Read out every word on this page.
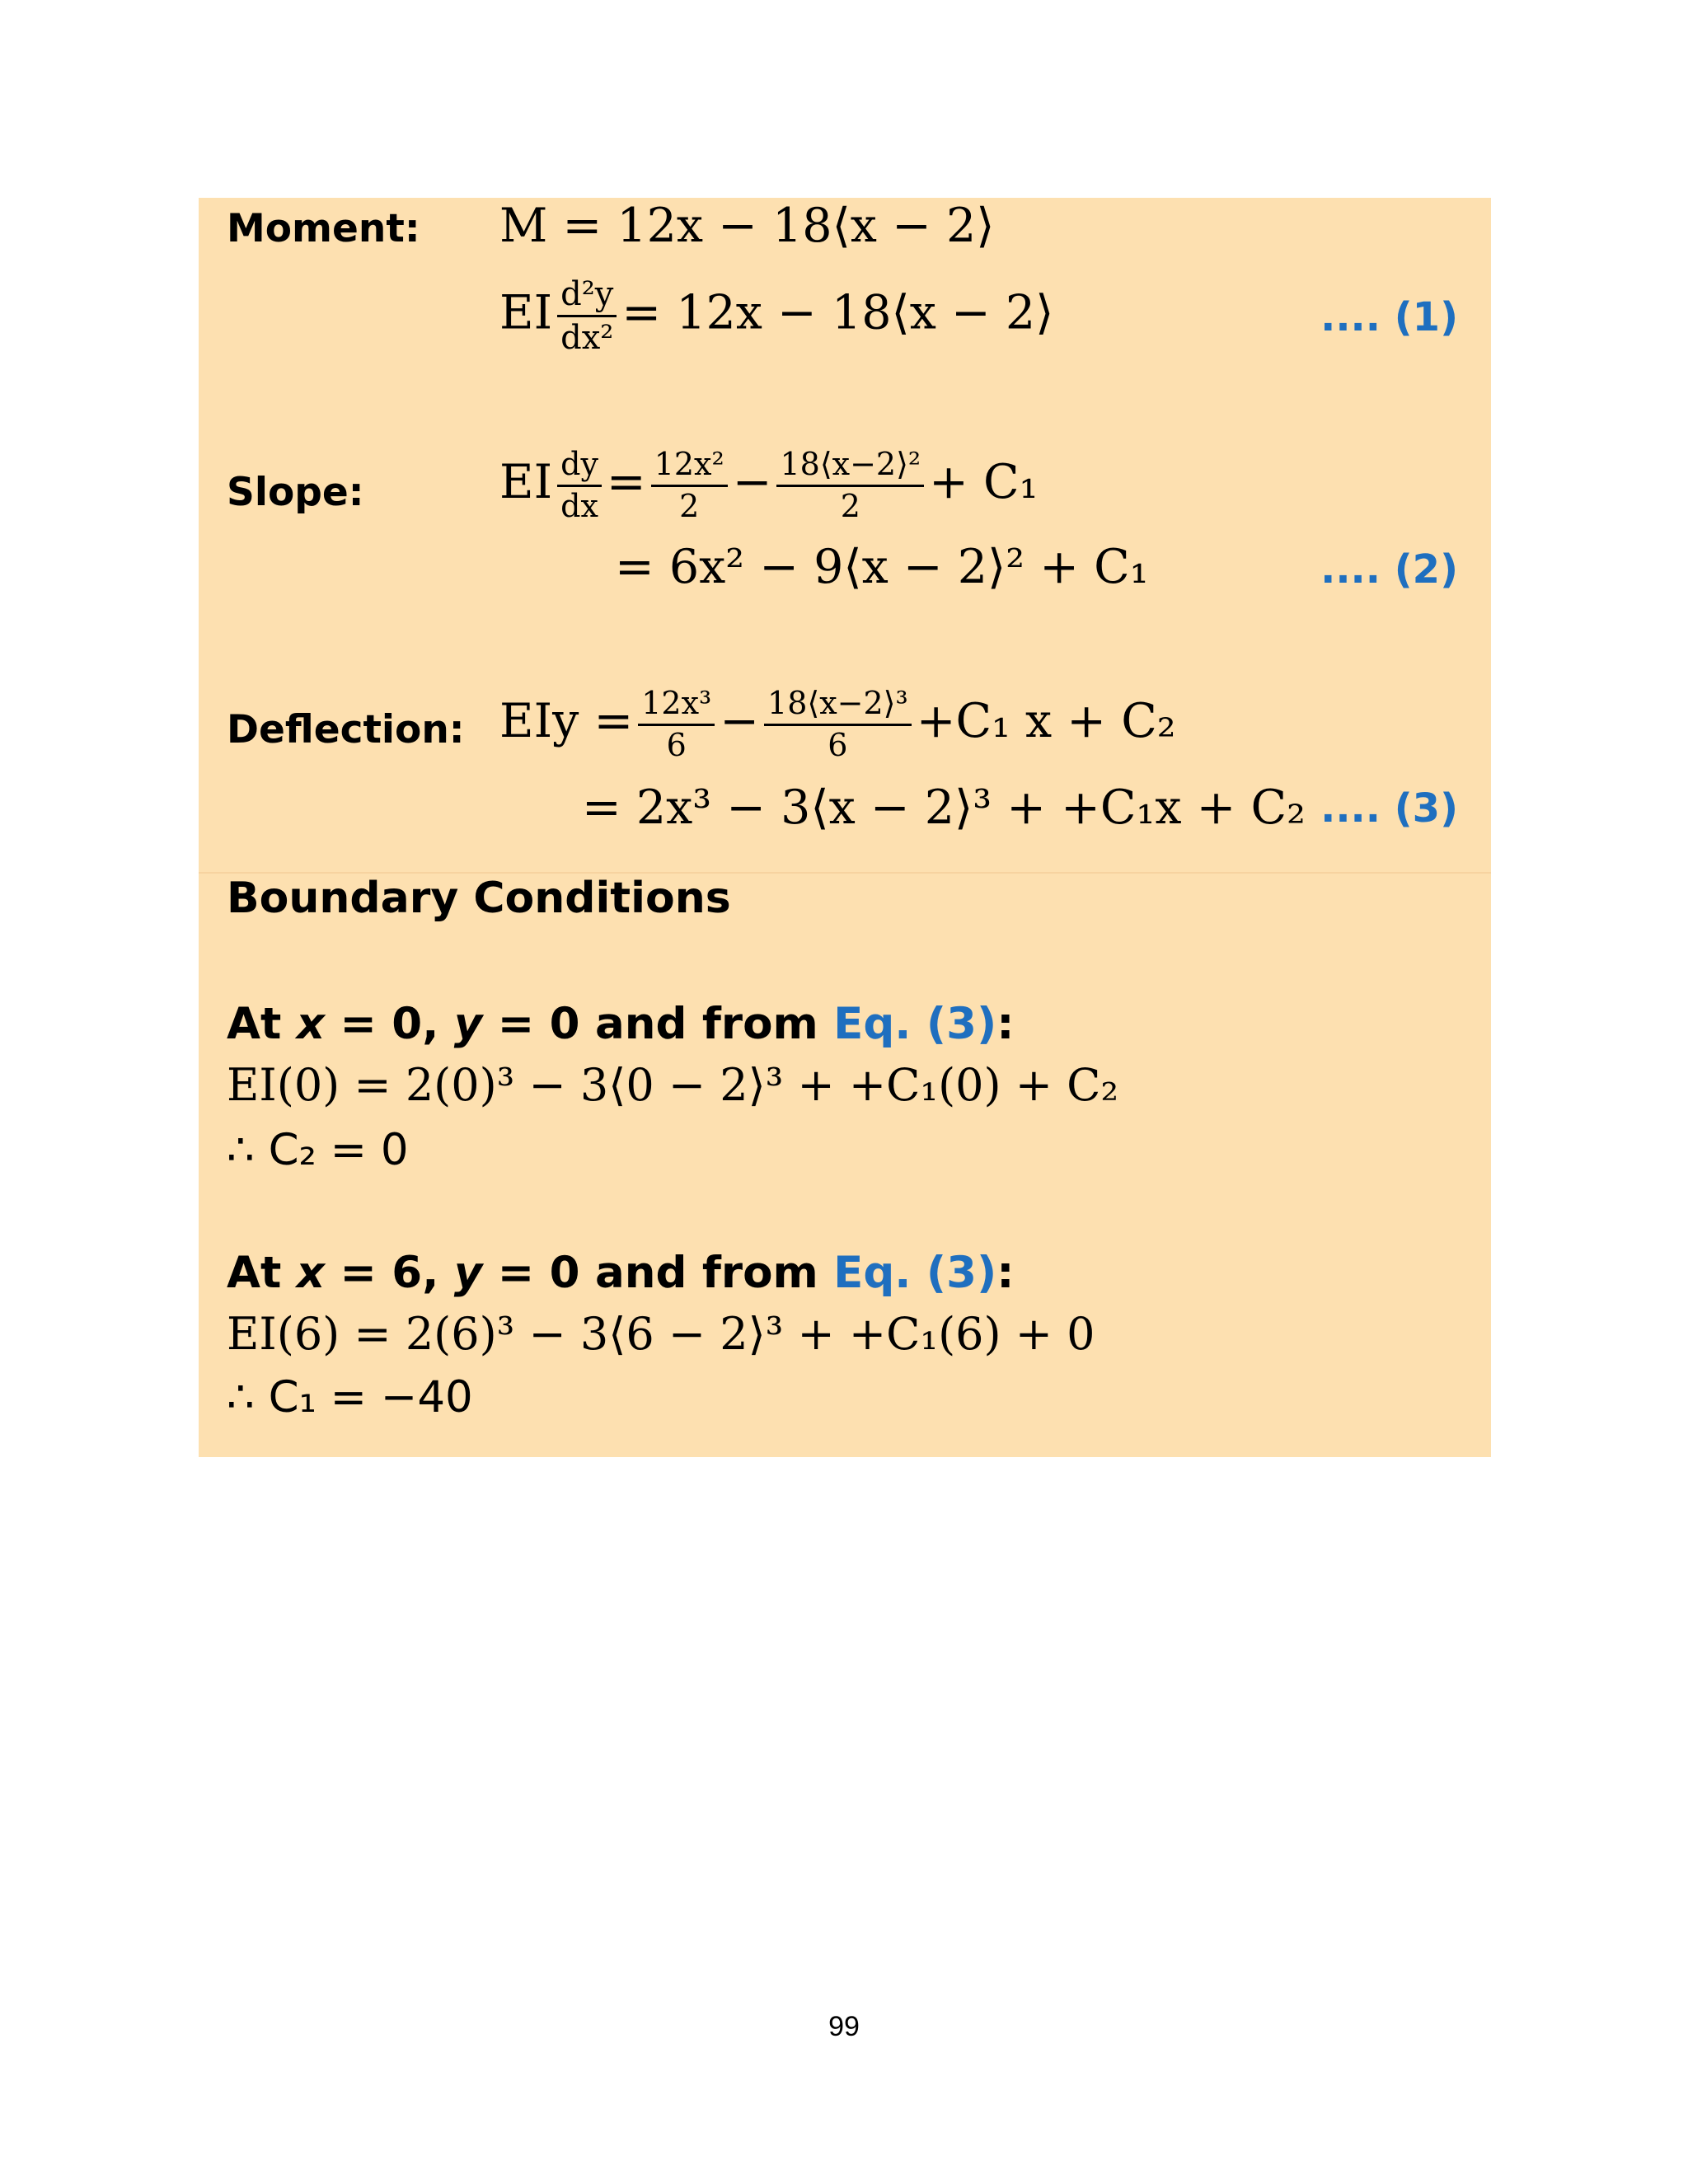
Moment: M = 12x − 18⟨x − 2⟩
EI $\frac{\text{d²y}}{\text{dx²}} = 12x$ − 18⟨x − 2⟩	.... (1)
Slope:	EI $\frac{dy}{dx} = \frac{\text{12x²}}{2} - \frac{\text{18⟨x−2⟩²}}{2} + C_1$
= 6x² − 9⟨x − 2⟩² + C₁	.... (2)
Deflection: EIy = $\frac{\text{12x³}}{6} - \frac{\text{18⟨x−2⟩³}}{6} +C_1$ x + C₂
= 2x³ − 3⟨x − 2⟩³ + +C₁x + C₂ .... (3)
Boundary Conditions
At x = 0, y = 0 and from Eq. (3):
EI(0) = 2(0)³ − 3⟨0 − 2⟩³ + +C₁(0) + C₂
∴ C₂ = 0
At x = 6, y = 0 and from Eq. (3):
EI(6) = 2(6)³ − 3⟨6 − 2⟩³ + +C₁(6) + 0
∴ C₁ = −40
99
